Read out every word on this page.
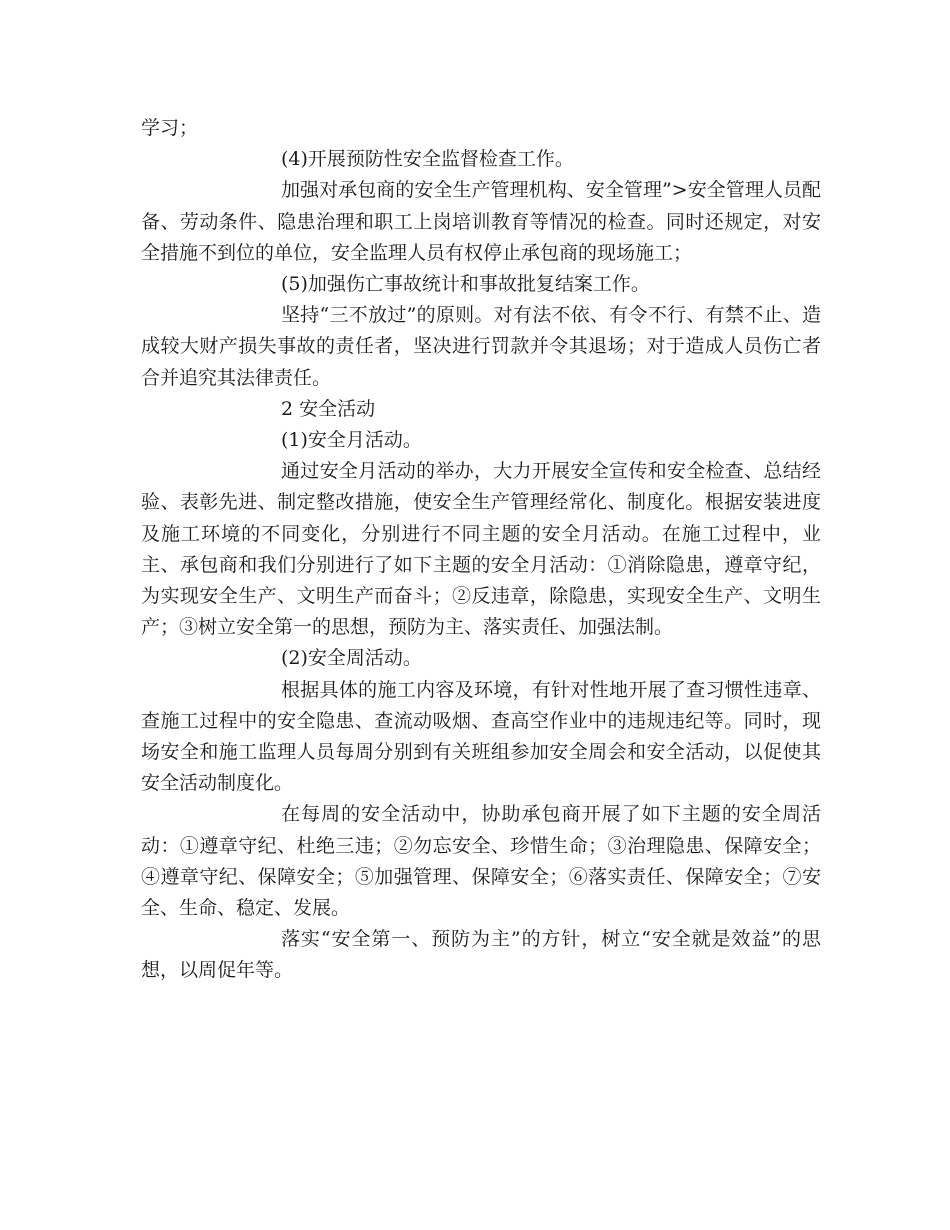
学习；

(4)开展预防性安全监督检查工作。

加强对承包商的安全生产管理机构、安全管理”>安全管理人员配备、劳动条件、隐患治理和职工上岗培训教育等情况的检查。同时还规定，对安全措施不到位的单位，安全监理人员有权停止承包商的现场施工；

(5)加强伤亡事故统计和事故批复结案工作。

坚持“三不放过”的原则。对有法不依、有令不行、有禁不止、造成较大财产损失事故的责任者，坚决进行罚款并令其退场；对于造成人员伤亡者合并追究其法律责任。

2 安全活动

(1)安全月活动。

通过安全月活动的举办，大力开展安全宣传和安全检查、总结经验、表彰先进、制定整改措施，使安全生产管理经常化、制度化。根据安装进度及施工环境的不同变化，分别进行不同主题的安全月活动。在施工过程中，业主、承包商和我们分别进行了如下主题的安全月活动：①消除隐患，遵章守纪，为实现安全生产、文明生产而奋斗；②反违章，除隐患，实现安全生产、文明生产；③树立安全第一的思想，预防为主、落实责任、加强法制。

(2)安全周活动。

根据具体的施工内容及环境，有针对性地开展了查习惯性违章、查施工过程中的安全隐患、查流动吸烟、查高空作业中的违规违纪等。同时，现场安全和施工监理人员每周分别到有关班组参加安全周会和安全活动，以促使其安全活动制度化。

在每周的安全活动中，协助承包商开展了如下主题的安全周活动：①遵章守纪、杜绝三违；②勿忘安全、珍惜生命；③治理隐患、保障安全；④遵章守纪、保障安全；⑤加强管理、保障安全；⑥落实责任、保障安全；⑦安全、生命、稳定、发展。

落实“安全第一、预防为主”的方针，树立“安全就是效益”的思想，以周促年等。
